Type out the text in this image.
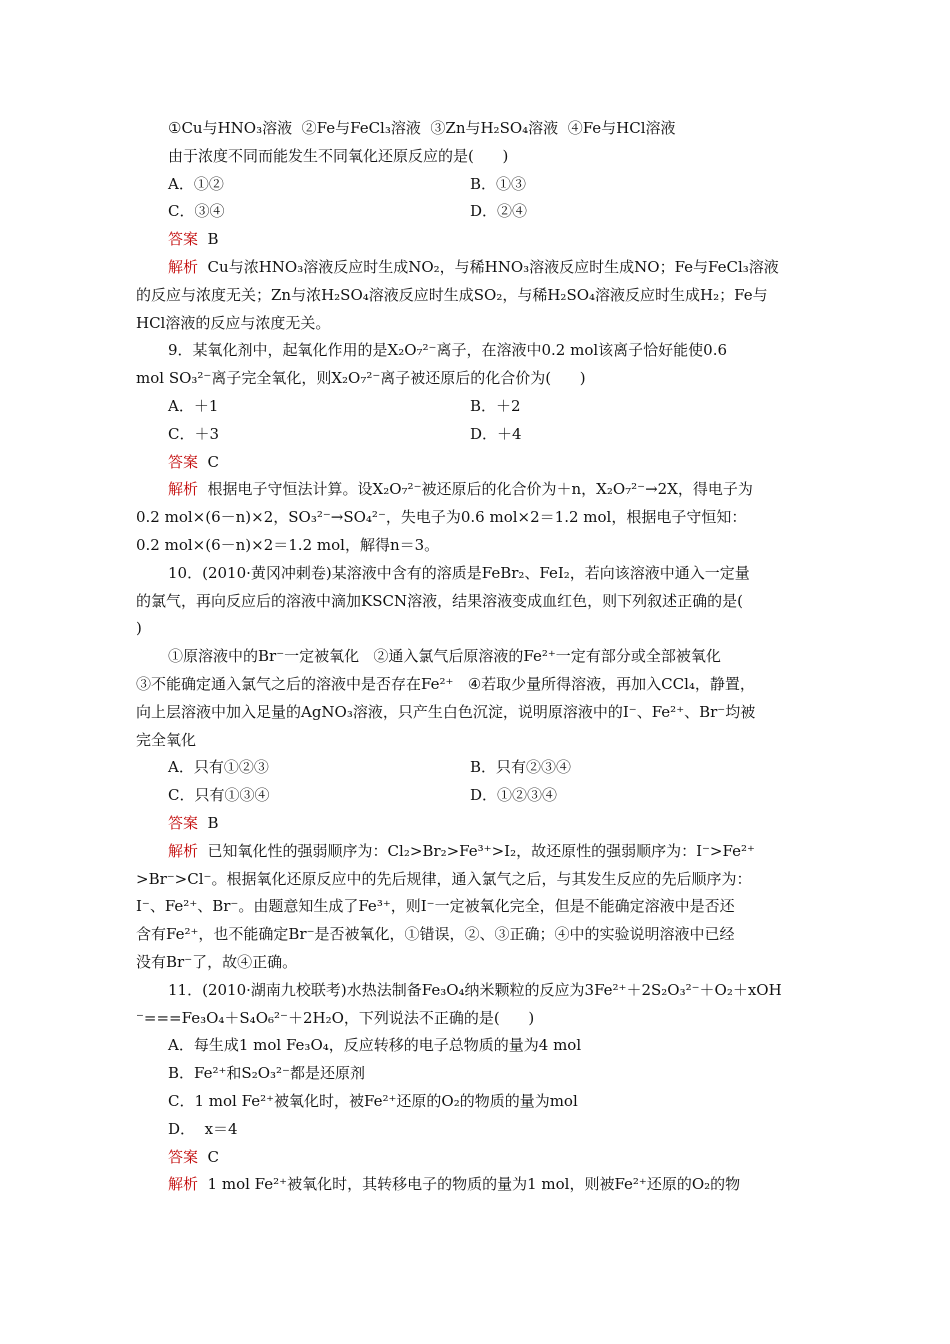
①Cu与HNO₃溶液  ②Fe与FeCl₃溶液  ③Zn与H₂SO₄溶液  ④Fe与HCl溶液
由于浓度不同而能发生不同氧化还原反应的是(      )
A．①②	B．①③
C．③④	D．②④
答案  B
解析  Cu与浓HNO₃溶液反应时生成NO₂，与稀HNO₃溶液反应时生成NO；Fe与FeCl₃溶液
的反应与浓度无关；Zn与浓H₂SO₄溶液反应时生成SO₂，与稀H₂SO₄溶液反应时生成H₂；Fe与
HCl溶液的反应与浓度无关。
9．某氧化剂中，起氧化作用的是X₂O₇²⁻离子，在溶液中0.2 mol该离子恰好能使0.6
mol SO₃²⁻离子完全氧化，则X₂O₇²⁻离子被还原后的化合价为(      )
A．＋1	B．＋2
C．＋3	D．＋4
答案  C
解析  根据电子守恒法计算。设X₂O₇²⁻被还原后的化合价为＋n，X₂O₇²⁻→2X，得电子为
0.2 mol×(6－n)×2，SO₃²⁻→SO₄²⁻，失电子为0.6 mol×2＝1.2 mol，根据电子守恒知：
0.2 mol×(6－n)×2＝1.2 mol，解得n＝3。
10．(2010·黄冈冲刺卷)某溶液中含有的溶质是FeBr₂、FeI₂，若向该溶液中通入一定量
的氯气，再向反应后的溶液中滴加KSCN溶液，结果溶液变成血红色，则下列叙述正确的是(
)
①原溶液中的Br⁻一定被氧化   ②通入氯气后原溶液的Fe²⁺一定有部分或全部被氧化
③不能确定通入氯气之后的溶液中是否存在Fe²⁺   ④若取少量所得溶液，再加入CCl₄，静置，
向上层溶液中加入足量的AgNO₃溶液，只产生白色沉淀，说明原溶液中的I⁻、Fe²⁺、Br⁻均被
完全氧化
A．只有①②③	B．只有②③④
C．只有①③④	D．①②③④
答案  B
解析  已知氧化性的强弱顺序为：Cl₂>Br₂>Fe³⁺>I₂，故还原性的强弱顺序为：I⁻>Fe²⁺
>Br⁻>Cl⁻。根据氧化还原反应中的先后规律，通入氯气之后，与其发生反应的先后顺序为：
I⁻、Fe²⁺、Br⁻。由题意知生成了Fe³⁺，则I⁻一定被氧化完全，但是不能确定溶液中是否还
含有Fe²⁺，也不能确定Br⁻是否被氧化，①错误，②、③正确；④中的实验说明溶液中已经
没有Br⁻了，故④正确。
11．(2010·湖南九校联考)水热法制备Fe₃O₄纳米颗粒的反应为3Fe²⁺＋2S₂O₃²⁻＋O₂＋xOH
⁻===Fe₃O₄＋S₄O₆²⁻＋2H₂O，下列说法不正确的是(      )
A．每生成1 mol Fe₃O₄，反应转移的电子总物质的量为4 mol
B．Fe²⁺和S₂O₃²⁻都是还原剂
C．1 mol Fe²⁺被氧化时，被Fe²⁺还原的O₂的物质的量为mol
D．  x＝4
答案  C
解析  1 mol Fe²⁺被氧化时，其转移电子的物质的量为1 mol，则被Fe²⁺还原的O₂的物
